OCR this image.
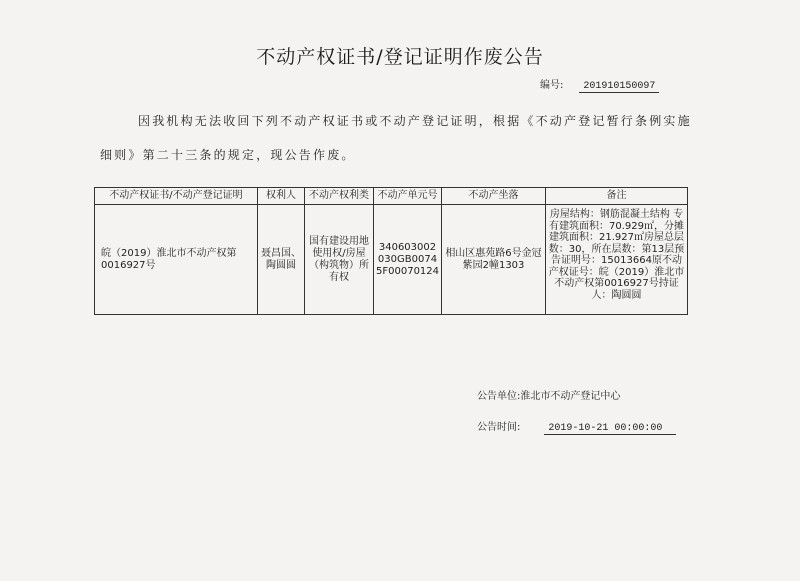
不动产权证书/登记证明作废公告
编号: 201910150097
因我机构无法收回下列不动产权证书或不动产登记证明，根据《不动产登记暂行条例实施细则》第二十三条的规定，现公告作废。
不动产权证书/不动产登记证明	权利人	不动产权利类	不动产单元号	不动产坐落	备注
皖（2019）淮北市不动产权第0016927号	聂昌国、陶圆圆	国有建设用地使用权/房屋（构筑物）所有权	340603002030GB00745F00070124	相山区惠苑路6号金冠紫园2幢1303	房屋结构：钢筋混凝土结构 专有建筑面积：70.929㎡，分摊建筑面积：21.927㎡房屋总层数：30，所在层数：第13层预告证明号：15013664原不动产权证号：皖（2019）淮北市不动产权第0016927号持证人：陶圆圆
公告单位:淮北市不动产登记中心
公告时间:	2019-10-21 00:00:00
